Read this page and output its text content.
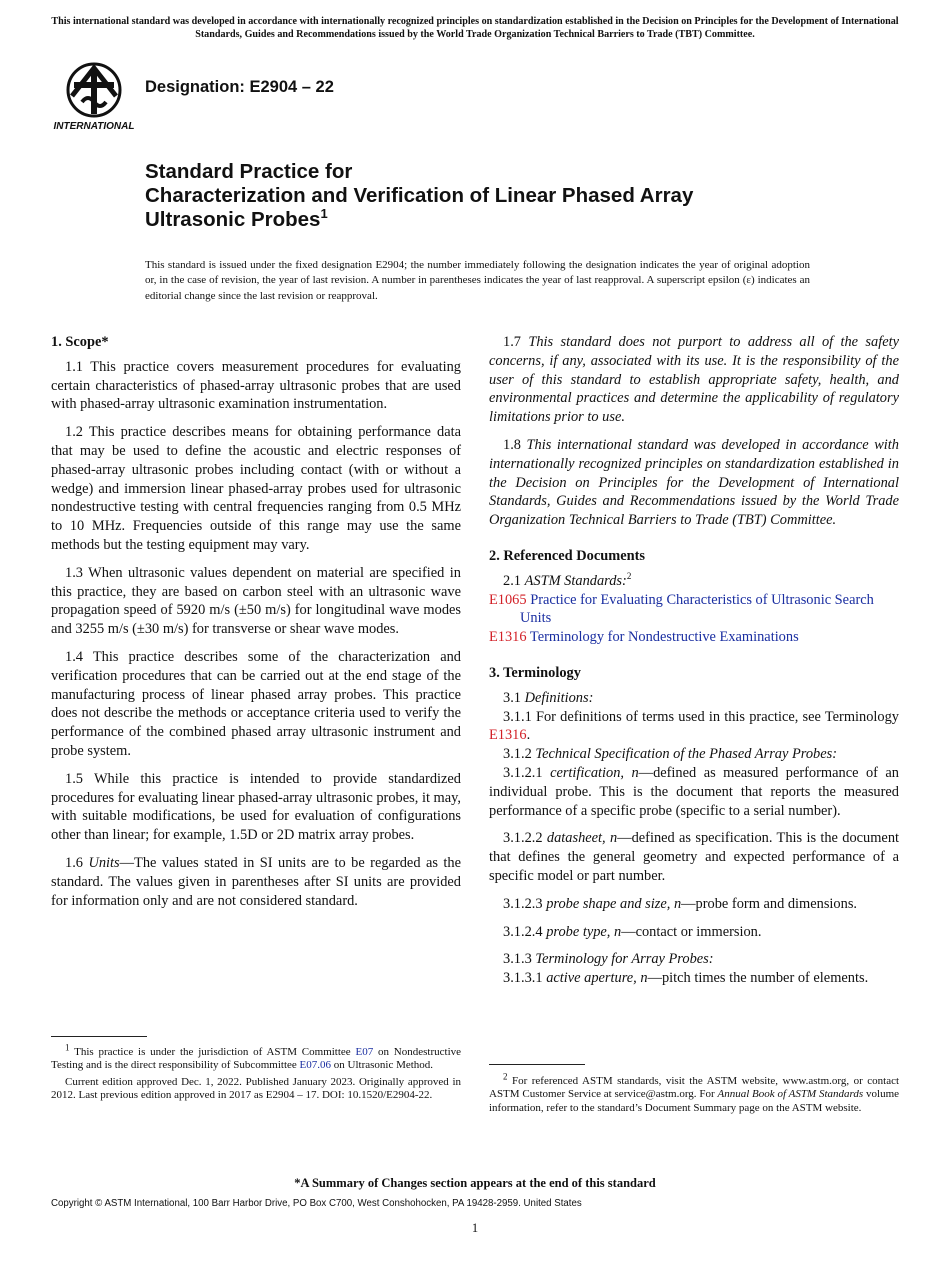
This international standard was developed in accordance with internationally recognized principles on standardization established in the Decision on Principles for the Development of International Standards, Guides and Recommendations issued by the World Trade Organization Technical Barriers to Trade (TBT) Committee.
INTERNATIONAL
Designation: E2904 – 22
Standard Practice for
Characterization and Verification of Linear Phased Array
Ultrasonic Probes$^1$
This standard is issued under the fixed designation E2904; the number immediately following the designation indicates the year of original adoption or, in the case of revision, the year of last revision. A number in parentheses indicates the year of last reapproval. A superscript epsilon (ε) indicates an editorial change since the last revision or reapproval.
1. Scope*

1.1 This practice covers measurement procedures for evaluating certain characteristics of phased-array ultrasonic probes that are used with phased-array ultrasonic examination instrumentation.

1.2 This practice describes means for obtaining performance data that may be used to define the acoustic and electric responses of phased-array ultrasonic probes including contact (with or without a wedge) and immersion linear phased-array probes used for ultrasonic nondestructive testing with central frequencies ranging from 0.5 MHz to 10 MHz. Frequencies outside of this range may use the same methods but the testing equipment may vary.

1.3 When ultrasonic values dependent on material are specified in this practice, they are based on carbon steel with an ultrasonic wave propagation speed of 5920 m/s (±50 m/s) for longitudinal wave modes and 3255 m/s (±30 m/s) for transverse or shear wave modes.

1.4 This practice describes some of the characterization and verification procedures that can be carried out at the end stage of the manufacturing process of linear phased array probes. This practice does not describe the methods or acceptance criteria used to verify the performance of the combined phased array ultrasonic instrument and probe system.

1.5 While this practice is intended to provide standardized procedures for evaluating linear phased-array ultrasonic probes, it may, with suitable modifications, be used for evaluation of configurations other than linear; for example, 1.5D or 2D matrix array probes.

1.6 Units—The values stated in SI units are to be regarded as the standard. The values given in parentheses after SI units are provided for information only and are not considered standard.

1.7 This standard does not purport to address all of the safety concerns, if any, associated with its use. It is the responsibility of the user of this standard to establish appropriate safety, health, and environmental practices and determine the applicability of regulatory limitations prior to use.

1.8 This international standard was developed in accordance with internationally recognized principles on standardization established in the Decision on Principles for the Development of International Standards, Guides and Recommendations issued by the World Trade Organization Technical Barriers to Trade (TBT) Committee.

2. Referenced Documents

2.1 ASTM Standards:$^2$

E1065 Practice for Evaluating Characteristics of Ultrasonic Search Units
E1316 Terminology for Nondestructive Examinations
3. Terminology

3.1 Definitions:

3.1.1 For definitions of terms used in this practice, see Terminology E1316.

3.1.2 Technical Specification of the Phased Array Probes:

3.1.2.1 certification, n—defined as measured performance of an individual probe. This is the document that reports the measured performance of a specific probe (specific to a serial number).

3.1.2.2 datasheet, n—defined as specification. This is the document that defines the general geometry and expected performance of a specific model or part number.

3.1.2.3 probe shape and size, n—probe form and dimensions.

3.1.2.4 probe type, n—contact or immersion.

3.1.3 Terminology for Array Probes:

3.1.3.1 active aperture, n—pitch times the number of elements.

$^1$ This practice is under the jurisdiction of ASTM Committee E07 on Nondestructive Testing and is the direct responsibility of Subcommittee E07.06 on Ultrasonic Method.

Current edition approved Dec. 1, 2022. Published January 2023. Originally approved in 2012. Last previous edition approved in 2017 as E2904 – 17. DOI: 10.1520/E2904-22.

$^2$ For referenced ASTM standards, visit the ASTM website, www.astm.org, or contact ASTM Customer Service at service@astm.org. For Annual Book of ASTM Standards volume information, refer to the standard’s Document Summary page on the ASTM website.

*A Summary of Changes section appears at the end of this standard
Copyright © ASTM International, 100 Barr Harbor Drive, PO Box C700, West Conshohocken, PA 19428-2959. United States
1
